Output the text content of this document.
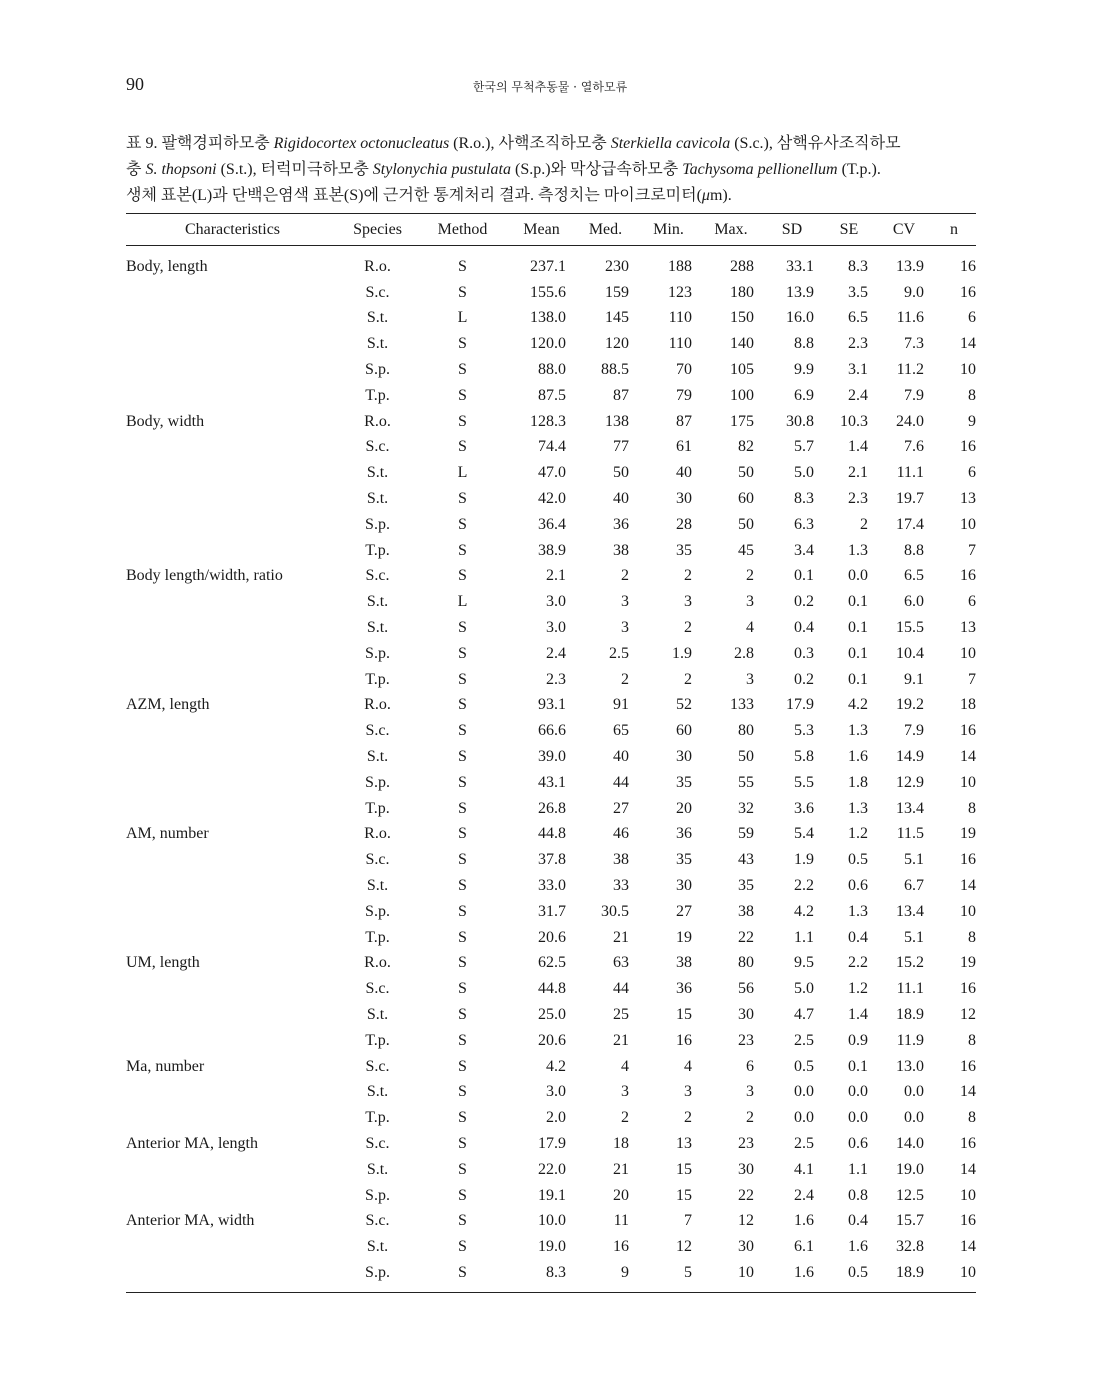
90	한국의 무척추동물 · 열하모류

표 9. 팔핵경피하모충 Rigidocortex octonucleatus (R.o.), 사핵조직하모충 Sterkiella cavicola (S.c.), 삼핵유사조직하모

충 S. thopsoni (S.t.), 터럭미극하모충 Stylonychia pustulata (S.p.)와 막상급속하모충 Tachysoma pellionellum (T.p.).

생체 표본(L)과 단백은염색 표본(S)에 근거한 통계처리 결과. 측정치는 마이크로미터(μm).

Characteristics	Species	Method	Mean	Med.	Min.	Max.	SD	SE	CV	n
Body, length	R.o.	S	237.1	230	188	288	33.1	8.3	13.9	16
	S.c.	S	155.6	159	123	180	13.9	3.5	9.0	16
	S.t.	L	138.0	145	110	150	16.0	6.5	11.6	6
	S.t.	S	120.0	120	110	140	8.8	2.3	7.3	14
	S.p.	S	88.0	88.5	70	105	9.9	3.1	11.2	10
	T.p.	S	87.5	87	79	100	6.9	2.4	7.9	8
Body, width	R.o.	S	128.3	138	87	175	30.8	10.3	24.0	9
	S.c.	S	74.4	77	61	82	5.7	1.4	7.6	16
	S.t.	L	47.0	50	40	50	5.0	2.1	11.1	6
	S.t.	S	42.0	40	30	60	8.3	2.3	19.7	13
	S.p.	S	36.4	36	28	50	6.3	2	17.4	10
	T.p.	S	38.9	38	35	45	3.4	1.3	8.8	7
Body length/width, ratio	S.c.	S	2.1	2	2	2	0.1	0.0	6.5	16
	S.t.	L	3.0	3	3	3	0.2	0.1	6.0	6
	S.t.	S	3.0	3	2	4	0.4	0.1	15.5	13
	S.p.	S	2.4	2.5	1.9	2.8	0.3	0.1	10.4	10
	T.p.	S	2.3	2	2	3	0.2	0.1	9.1	7
AZM, length	R.o.	S	93.1	91	52	133	17.9	4.2	19.2	18
	S.c.	S	66.6	65	60	80	5.3	1.3	7.9	16
	S.t.	S	39.0	40	30	50	5.8	1.6	14.9	14
	S.p.	S	43.1	44	35	55	5.5	1.8	12.9	10
	T.p.	S	26.8	27	20	32	3.6	1.3	13.4	8
AM, number	R.o.	S	44.8	46	36	59	5.4	1.2	11.5	19
	S.c.	S	37.8	38	35	43	1.9	0.5	5.1	16
	S.t.	S	33.0	33	30	35	2.2	0.6	6.7	14
	S.p.	S	31.7	30.5	27	38	4.2	1.3	13.4	10
	T.p.	S	20.6	21	19	22	1.1	0.4	5.1	8
UM, length	R.o.	S	62.5	63	38	80	9.5	2.2	15.2	19
	S.c.	S	44.8	44	36	56	5.0	1.2	11.1	16
	S.t.	S	25.0	25	15	30	4.7	1.4	18.9	12
	T.p.	S	20.6	21	16	23	2.5	0.9	11.9	8
Ma, number	S.c.	S	4.2	4	4	6	0.5	0.1	13.0	16
	S.t.	S	3.0	3	3	3	0.0	0.0	0.0	14
	T.p.	S	2.0	2	2	2	0.0	0.0	0.0	8
Anterior MA, length	S.c.	S	17.9	18	13	23	2.5	0.6	14.0	16
	S.t.	S	22.0	21	15	30	4.1	1.1	19.0	14
	S.p.	S	19.1	20	15	22	2.4	0.8	12.5	10
Anterior MA, width	S.c.	S	10.0	11	7	12	1.6	0.4	15.7	16
	S.t.	S	19.0	16	12	30	6.1	1.6	32.8	14
	S.p.	S	8.3	9	5	10	1.6	0.5	18.9	10
